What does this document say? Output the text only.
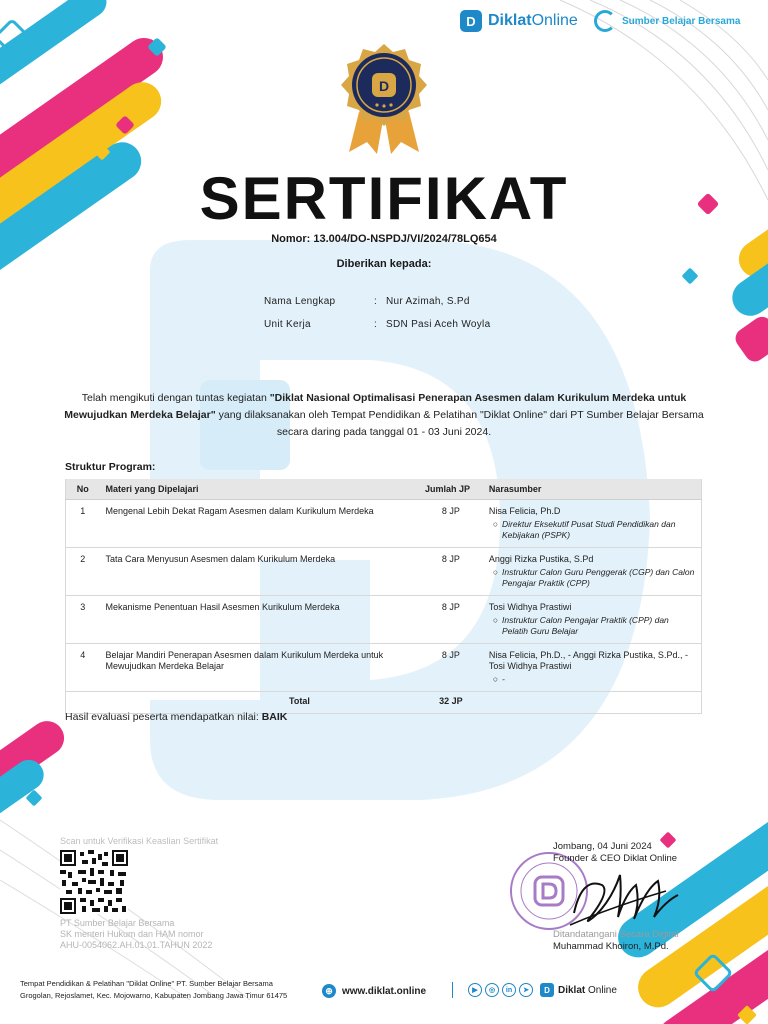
D DiklatOnline	Sumber Belajar Bersama
D
SERTIFIKAT
Nomor: 13.004/DO-NSPDJ/VI/2024/78LQ654
Diberikan kepada:
Nama Lengkap	: Nur Azimah, S.Pd
Unit Kerja	: SDN Pasi Aceh Woyla
Telah mengikuti dengan tuntas kegiatan "Diklat Nasional Optimalisasi Penerapan Asesmen dalam Kurikulum Merdeka untuk Mewujudkan Merdeka Belajar" yang dilaksanakan oleh Tempat Pendidikan & Pelatihan "Diklat Online" dari PT Sumber Belajar Bersama secara daring pada tanggal 01 - 03 Juni 2024.
Struktur Program:
No	Materi yang Dipelajari	Jumlah JP	Narasumber
1	Mengenal Lebih Dekat Ragam Asesmen dalam Kurikulum Merdeka	8 JP	Nisa Felicia, Ph.D
○ Direktur Eksekutif Pusat Studi Pendidikan dan Kebijakan (PSPK)

2	Tata Cara Menyusun Asesmen dalam Kurikulum Merdeka	8 JP	Anggi Rizka Pustika, S.Pd
○ Instruktur Calon Guru Penggerak (CGP) dan Calon Pengajar Praktik (CPP)

3	Mekanisme Penentuan Hasil Asesmen Kurikulum Merdeka	8 JP	Tosi Widhya Prastiwi
○ Instruktur Calon Pengajar Praktik (CPP) dan Pelatih Guru Belajar

4	Belajar Mandiri Penerapan Asesmen dalam Kurikulum Merdeka untuk Mewujudkan Merdeka Belajar	8 JP	Nisa Felicia, Ph.D., - Anggi Rizka Pustika, S.Pd., - Tosi Widhya Prastiwi
○ -

Total		32 JP	
Hasil evaluasi peserta mendapatkan nilai: BAIK
Scan untuk Verifikasi Keaslian Sertifikat
PT Sumber Belajar Bersama
SK menteri Hukum dan HAM nomor
AHU-0054062.AH.01.01.TAHUN 2022
Jombang, 04 Juni 2024
Founder & CEO Diklat Online
Ditandatangani Secara Digital
Muhammad Khoiron, M.Pd.
Tempat Pendidikan & Pelatihan "Diklat Online" PT. Sumber Belajar Bersama
Grogolan, Rejoslamet, Kec. Mojowarno, Kabupaten Jombang Jawa Timur 61475	⊕ www.diklat.online	▶	◎	in	➤	D Diklat Online
